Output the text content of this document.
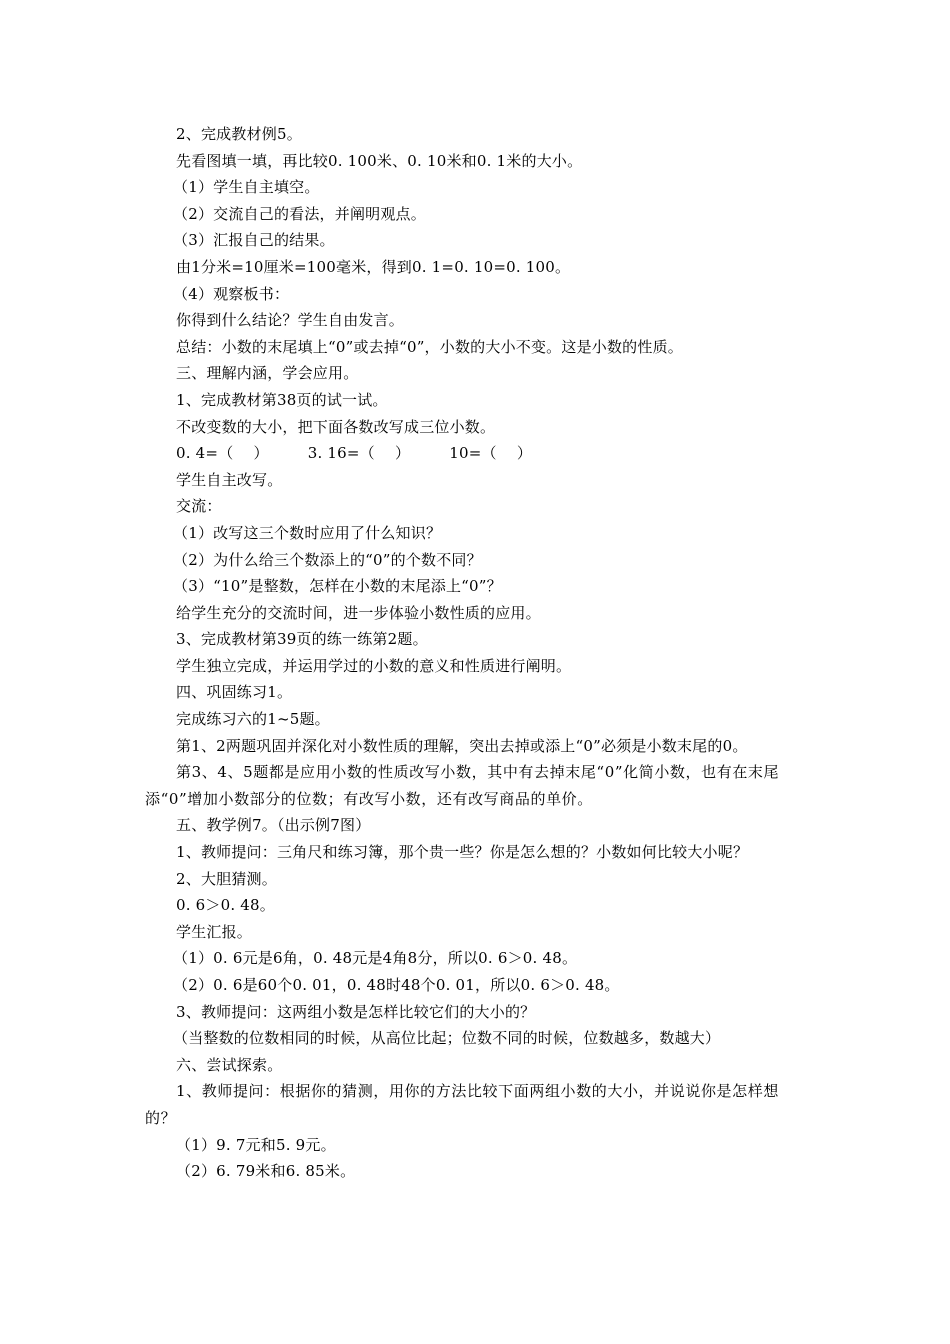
2、完成教材例5。

先看图填一填，再比较0. 100米、0. 10米和0. 1米的大小。

（1）学生自主填空。

（2）交流自己的看法，并阐明观点。

（3）汇报自己的结果。

由1分米=10厘米=100毫米，得到0. 1=0. 10=0. 100。

（4）观察板书：

你得到什么结论？学生自由发言。

总结：小数的末尾填上“0”或去掉“0”，小数的大小不变。这是小数的性质。

三、理解内涵，学会应用。

1、完成教材第38页的试一试。

不改变数的大小，把下面各数改写成三位小数。

0. 4=（　 ）	3. 16=（　 ）	10=（　 ）

学生自主改写。

交流：

（1）改写这三个数时应用了什么知识？

（2）为什么给三个数添上的“0”的个数不同？

（3）“10”是整数，怎样在小数的末尾添上“0”？

给学生充分的交流时间，进一步体验小数性质的应用。

3、完成教材第39页的练一练第2题。

学生独立完成，并运用学过的小数的意义和性质进行阐明。

四、巩固练习1。

完成练习六的1~5题。

第1、2两题巩固并深化对小数性质的理解，突出去掉或添上“0”必须是小数末尾的0。

第3、4、5题都是应用小数的性质改写小数，其中有去掉末尾“0”化简小数，也有在末尾添“0”增加小数部分的位数；有改写小数，还有改写商品的单价。

五、教学例7。（出示例7图）

1、教师提问：三角尺和练习簿，那个贵一些？你是怎么想的？小数如何比较大小呢？

2、大胆猜测。

0. 6＞0. 48。

学生汇报。

（1）0. 6元是6角，0. 48元是4角8分，所以0. 6＞0. 48。

（2）0. 6是60个0. 01，0. 48时48个0. 01，所以0. 6＞0. 48。

3、教师提问：这两组小数是怎样比较它们的大小的？

（当整数的位数相同的时候，从高位比起；位数不同的时候，位数越多，数越大）

六、尝试探索。

1、教师提问：根据你的猜测，用你的方法比较下面两组小数的大小，并说说你是怎样想的？

（1）9. 7元和5. 9元。

（2）6. 79米和6. 85米。
